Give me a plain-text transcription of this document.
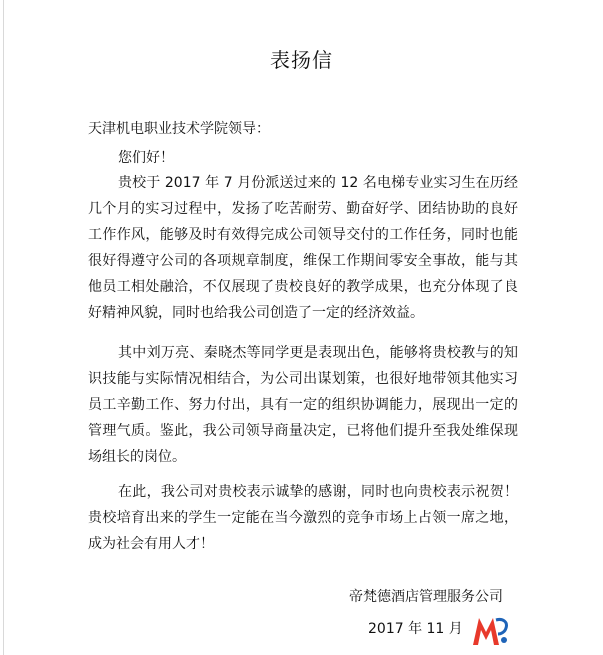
表扬信
天津机电职业技术学院领导：
您们好！

贵校于 2017 年 7 月份派送过来的 12 名电梯专业实习生在历经几个月的实习过程中，发扬了吃苦耐劳、勤奋好学、团结协助的良好工作作风，能够及时有效得完成公司领导交付的工作任务，同时也能很好得遵守公司的各项规章制度，维保工作期间零安全事故，能与其他员工相处融洽，不仅展现了贵校良好的教学成果，也充分体现了良好精神风貌，同时也给我公司创造了一定的经济效益。

其中刘万亮、秦晓杰等同学更是表现出色，能够将贵校教与的知识技能与实际情况相结合，为公司出谋划策，也很好地带领其他实习员工辛勤工作、努力付出，具有一定的组织协调能力，展现出一定的管理气质。鉴此，我公司领导商量决定，已将他们提升至我处维保现场组长的岗位。

在此，我公司对贵校表示诚挚的感谢，同时也向贵校表示祝贺！贵校培育出来的学生一定能在当今激烈的竞争市场上占领一席之地，成为社会有用人才！

帝梵德酒店管理服务公司
2017 年 11 月
